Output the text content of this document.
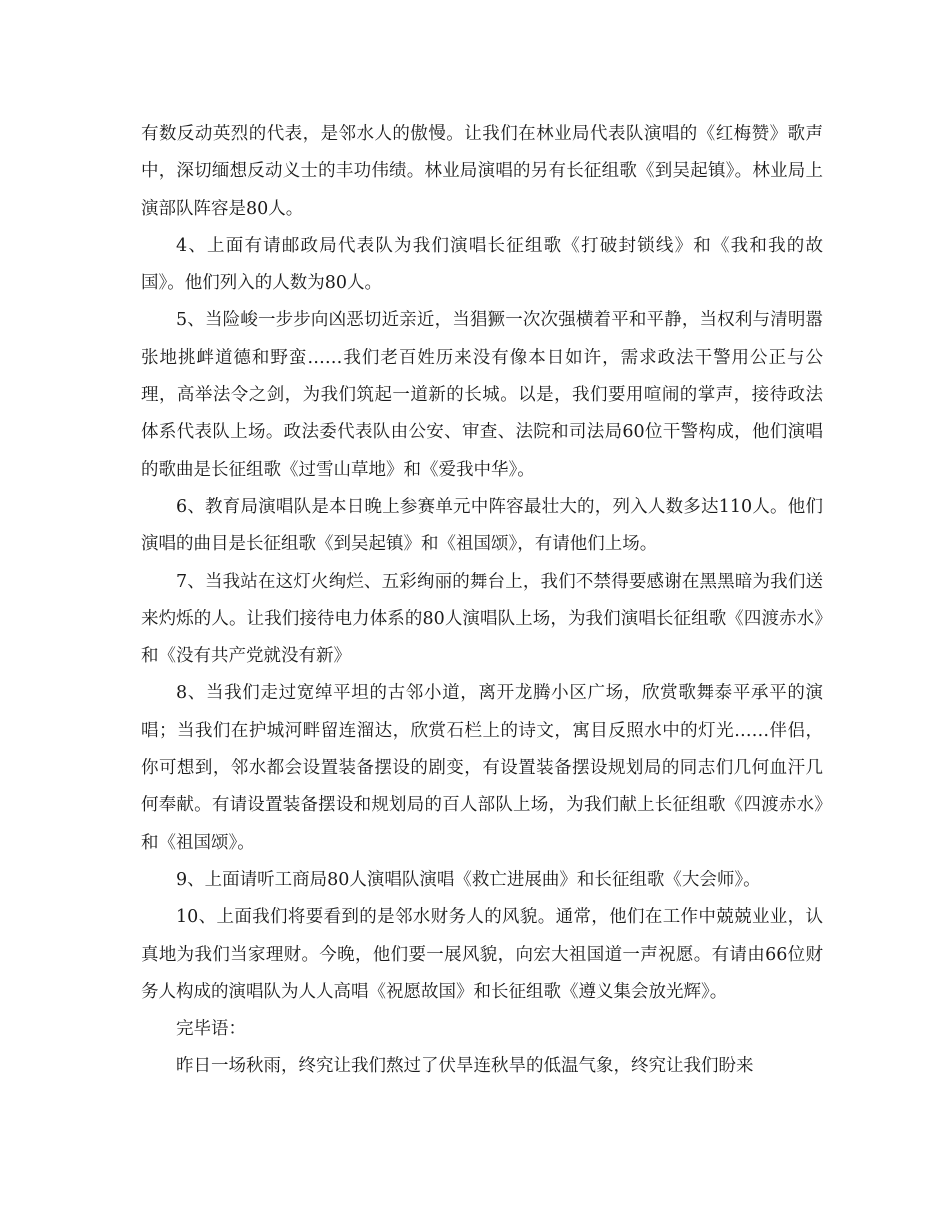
有数反动英烈的代表，是邻水人的傲慢。让我们在林业局代表队演唱的《红梅赞》歌声中，深切缅想反动义士的丰功伟绩。林业局演唱的另有长征组歌《到吴起镇》。林业局上演部队阵容是80人。

4、上面有请邮政局代表队为我们演唱长征组歌《打破封锁线》和《我和我的故国》。他们列入的人数为80人。

5、当险峻一步步向凶恶切近亲近，当猖獗一次次强横着平和平静，当权利与清明嚣张地挑衅道德和野蛮……我们老百姓历来没有像本日如许，需求政法干警用公正与公理，高举法令之剑，为我们筑起一道新的长城。以是，我们要用喧闹的掌声，接待政法体系代表队上场。政法委代表队由公安、审查、法院和司法局60位干警构成，他们演唱的歌曲是长征组歌《过雪山草地》和《爱我中华》。

6、教育局演唱队是本日晚上参赛单元中阵容最壮大的，列入人数多达110人。他们演唱的曲目是长征组歌《到吴起镇》和《祖国颂》，有请他们上场。

7、当我站在这灯火绚烂、五彩绚丽的舞台上，我们不禁得要感谢在黑黑暗为我们送来灼烁的人。让我们接待电力体系的80人演唱队上场，为我们演唱长征组歌《四渡赤水》和《没有共产党就没有新》

8、当我们走过宽绰平坦的古邻小道，离开龙腾小区广场，欣赏歌舞泰平承平的演唱；当我们在护城河畔留连溜达，欣赏石栏上的诗文，寓目反照水中的灯光……伴侣，你可想到，邻水都会设置装备摆设的剧变，有设置装备摆设规划局的同志们几何血汗几何奉献。有请设置装备摆设和规划局的百人部队上场，为我们献上长征组歌《四渡赤水》和《祖国颂》。

9、上面请听工商局80人演唱队演唱《救亡进展曲》和长征组歌《大会师》。

10、上面我们将要看到的是邻水财务人的风貌。通常，他们在工作中兢兢业业，认真地为我们当家理财。今晚，他们要一展风貌，向宏大祖国道一声祝愿。有请由66位财务人构成的演唱队为人人高唱《祝愿故国》和长征组歌《遵义集会放光辉》。

完毕语：

昨日一场秋雨，终究让我们熬过了伏旱连秋旱的低温气象，终究让我们盼来
